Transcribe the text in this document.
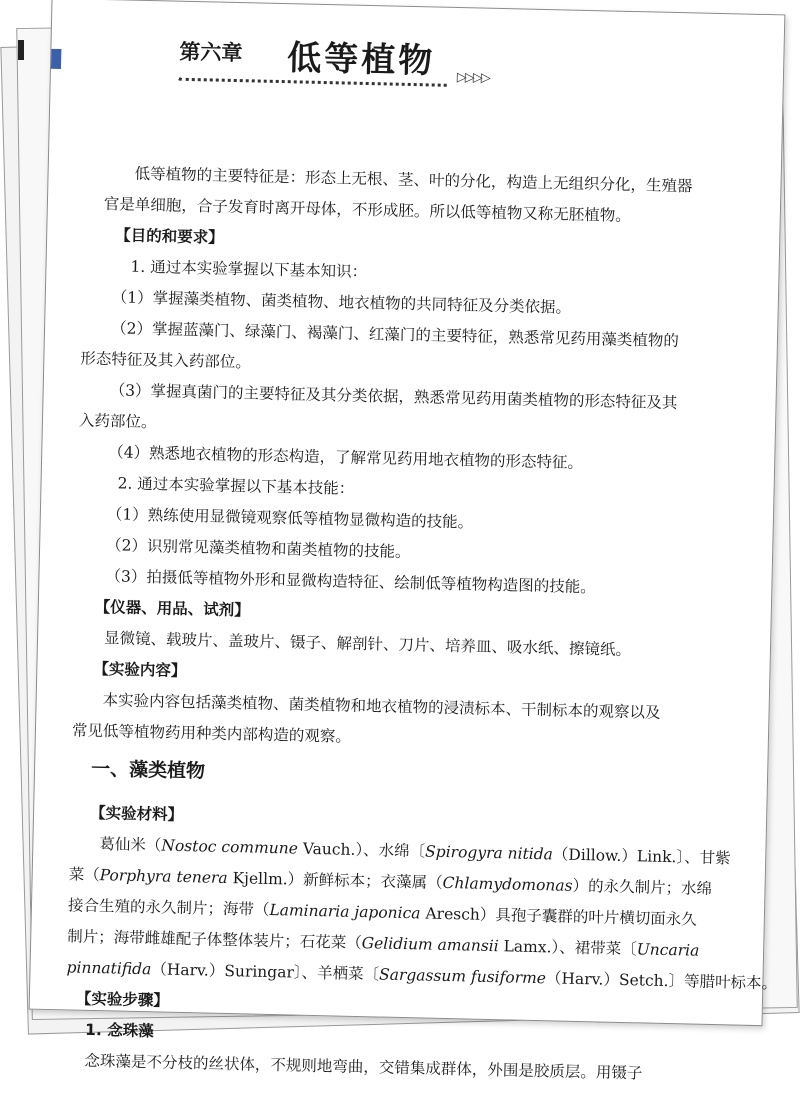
第六章 低等植物 ▷▷▷▷
低等植物的主要特征是：形态上无根、茎、叶的分化，构造上无组织分化，生殖器
官是单细胞，合子发育时离开母体，不形成胚。所以低等植物又称无胚植物。
【目的和要求】
1. 通过本实验掌握以下基本知识：
（1）掌握藻类植物、菌类植物、地衣植物的共同特征及分类依据。
（2）掌握蓝藻门、绿藻门、褐藻门、红藻门的主要特征，熟悉常见药用藻类植物的
形态特征及其入药部位。
（3）掌握真菌门的主要特征及其分类依据，熟悉常见药用菌类植物的形态特征及其
入药部位。
（4）熟悉地衣植物的形态构造，了解常见药用地衣植物的形态特征。
2. 通过本实验掌握以下基本技能：
（1）熟练使用显微镜观察低等植物显微构造的技能。
（2）识别常见藻类植物和菌类植物的技能。
（3）拍摄低等植物外形和显微构造特征、绘制低等植物构造图的技能。
【仪器、用品、试剂】
显微镜、载玻片、盖玻片、镊子、解剖针、刀片、培养皿、吸水纸、擦镜纸。
【实验内容】
本实验内容包括藻类植物、菌类植物和地衣植物的浸渍标本、干制标本的观察以及
常见低等植物药用种类内部构造的观察。
一、藻类植物
【实验材料】
葛仙米（Nostoc commune Vauch.）、水绵〔Spirogyra nitida（Dillow.）Link.〕、甘紫
菜（Porphyra tenera Kjellm.）新鲜标本；衣藻属（Chlamydomonas）的永久制片；水绵
接合生殖的永久制片；海带（Laminaria japonica Aresch）具孢子囊群的叶片横切面永久
制片；海带雌雄配子体整体装片；石花菜（Gelidium amansii Lamx.）、裙带菜〔Uncaria
pinnatifida（Harv.）Suringar〕、羊栖菜〔Sargassum fusiforme（Harv.）Setch.〕等腊叶标本。
【实验步骤】
1. 念珠藻
念珠藻是不分枝的丝状体，不规则地弯曲，交错集成群体，外围是胶质层。用镊子
